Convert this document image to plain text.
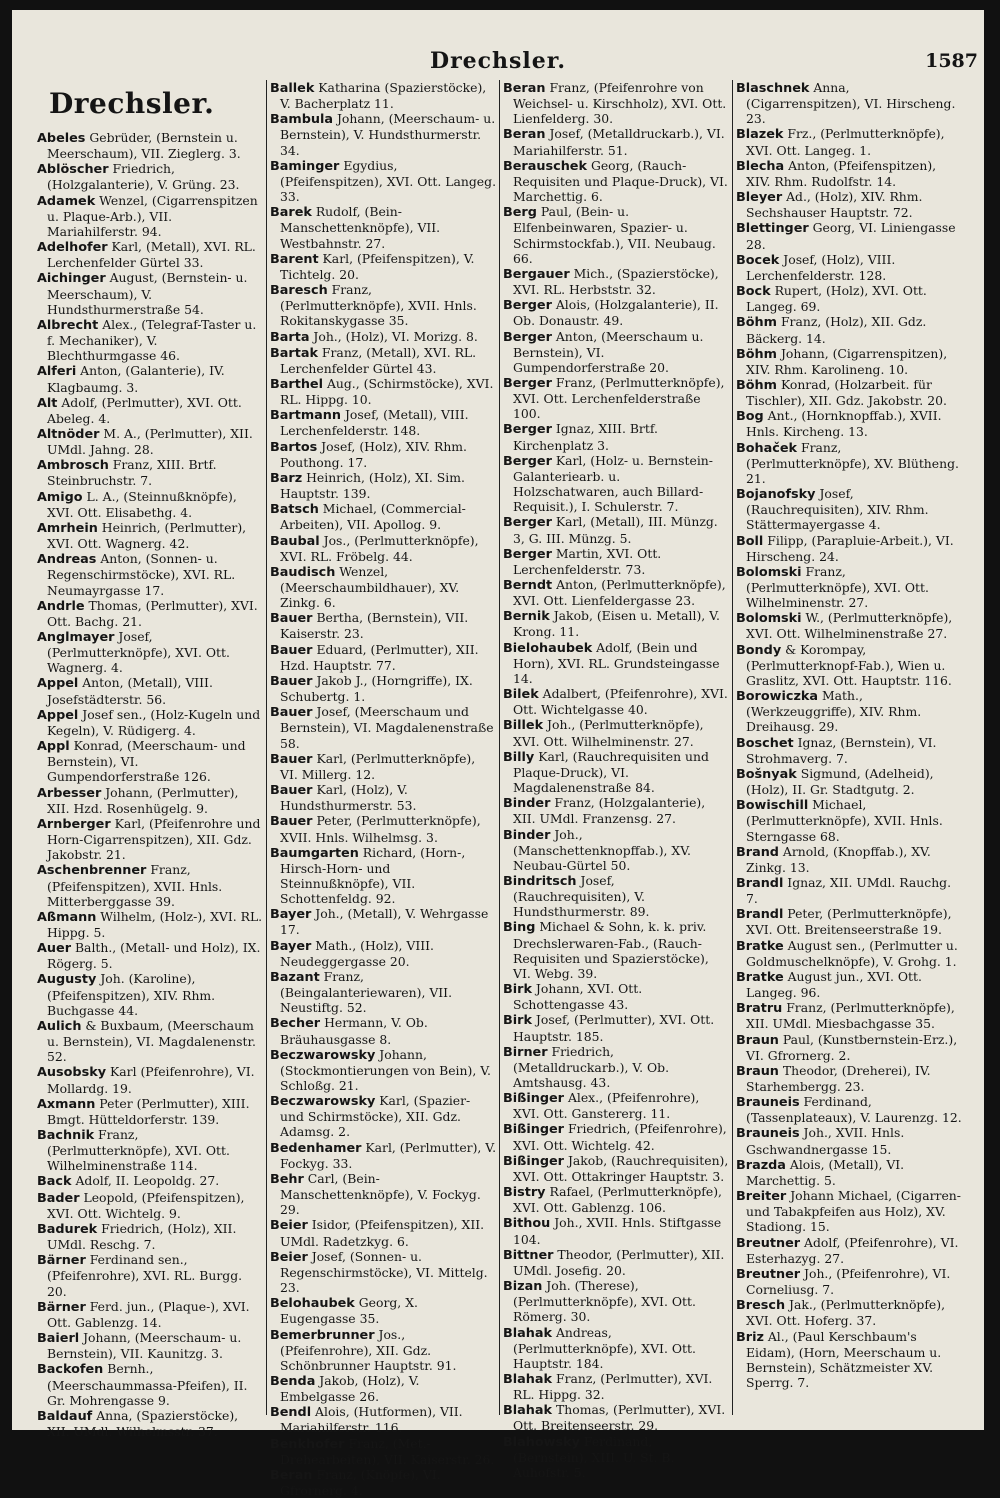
Drechsler.	1587
Drechsler.
Abeles Gebrüder, (Bernstein u. Meerschaum), VII. Zieglerg. 3.
Ablöscher Friedrich, (Holzgalanterie), V. Grüng. 23.
Adamek Wenzel, (Cigarrenspitzen u. Plaque-Arb.), VII. Mariahilferstr. 94.
Adelhofer Karl, (Metall), XVI. RL. Lerchenfelder Gürtel 33.
Aichinger August, (Bernstein- u. Meerschaum), V. Hundsthurmerstraße 54.
Albrecht Alex., (Telegraf-Taster u. f. Mechaniker), V. Blechthurmgasse 46.
Alferi Anton, (Galanterie), IV. Klagbaumg. 3.
Alt Adolf, (Perlmutter), XVI. Ott. Abeleg. 4.
Altnöder M. A., (Perlmutter), XII. UMdl. Jahng. 28.
Ambrosch Franz, XIII. Brtf. Steinbruchstr. 7.
Amigo L. A., (Steinnußknöpfe), XVI. Ott. Elisabethg. 4.
Amrhein Heinrich, (Perlmutter), XVI. Ott. Wagnerg. 42.
Andreas Anton, (Sonnen- u. Regenschirmstöcke), XVI. RL. Neumayrgasse 17.
Andrle Thomas, (Perlmutter), XVI. Ott. Bachg. 21.
Anglmayer Josef, (Perlmutterknöpfe), XVI. Ott. Wagnerg. 4.
Appel Anton, (Metall), VIII. Josefstädterstr. 56.
Appel Josef sen., (Holz-Kugeln und Kegeln), V. Rüdigerg. 4.
Appl Konrad, (Meerschaum- und Bernstein), VI. Gumpendorferstraße 126.
Arbesser Johann, (Perlmutter), XII. Hzd. Rosenhügelg. 9.
Arnberger Karl, (Pfeifenrohre und Horn-Cigarrenspitzen), XII. Gdz. Jakobstr. 21.
Aschenbrenner Franz, (Pfeifenspitzen), XVII. Hnls. Mitterberggasse 39.
Aßmann Wilhelm, (Holz-), XVI. RL. Hippg. 5.
Auer Balth., (Metall- und Holz), IX. Rögerg. 5.
Augusty Joh. (Karoline), (Pfeifenspitzen), XIV. Rhm. Buchgasse 44.
Aulich & Buxbaum, (Meerschaum u. Bernstein), VI. Magdalenenstr. 52.
Ausobsky Karl (Pfeifenrohre), VI. Mollardg. 19.
Axmann Peter (Perlmutter), XIII. Bmgt. Hütteldorferstr. 139.
Bachnik Franz, (Perlmutterknöpfe), XVI. Ott. Wilhelminenstraße 114.
Back Adolf, II. Leopoldg. 27.
Bader Leopold, (Pfeifenspitzen), XVI. Ott. Wichtelg. 9.
Badurek Friedrich, (Holz), XII. UMdl. Reschg. 7.
Bärner Ferdinand sen., (Pfeifenrohre), XVI. RL. Burgg. 20.
Bärner Ferd. jun., (Plaque-), XVI. Ott. Gablenzg. 14.
Baierl Johann, (Meerschaum- u. Bernstein), VII. Kaunitzg. 3.
Backofen Bernh., (Meerschaummassa-Pfeifen), II. Gr. Mohrengasse 9.
Baldauf Anna, (Spazierstöcke), XII. UMdl. Wilhelmsstr. 37.
Ballek Katharina (Spazierstöcke), V. Bacherplatz 11.
Bambula Johann, (Meerschaum- u. Bernstein), V. Hundsthurmerstr. 34.
Baminger Egydius, (Pfeifenspitzen), XVI. Ott. Langeg. 33.
Barek Rudolf, (Bein-Manschettenknöpfe), VII. Westbahnstr. 27.
Barent Karl, (Pfeifenspitzen), V. Tichtelg. 20.
Baresch Franz, (Perlmutterknöpfe), XVII. Hnls. Rokitanskygasse 35.
Barta Joh., (Holz), VI. Morizg. 8.
Bartak Franz, (Metall), XVI. RL. Lerchenfelder Gürtel 43.
Barthel Aug., (Schirmstöcke), XVI. RL. Hippg. 10.
Bartmann Josef, (Metall), VIII. Lerchenfelderstr. 148.
Bartos Josef, (Holz), XIV. Rhm. Pouthong. 17.
Barz Heinrich, (Holz), XI. Sim. Hauptstr. 139.
Batsch Michael, (Commercial-Arbeiten), VII. Apollog. 9.
Baubal Jos., (Perlmutterknöpfe), XVI. RL. Fröbelg. 44.
Baudisch Wenzel, (Meerschaumbildhauer), XV. Zinkg. 6.
Bauer Bertha, (Bernstein), VII. Kaiserstr. 23.
Bauer Eduard, (Perlmutter), XII. Hzd. Hauptstr. 77.
Bauer Jakob J., (Horngriffe), IX. Schubertg. 1.
Bauer Josef, (Meerschaum und Bernstein), VI. Magdalenenstraße 58.
Bauer Karl, (Perlmutterknöpfe), VI. Millerg. 12.
Bauer Karl, (Holz), V. Hundsthurmerstr. 53.
Bauer Peter, (Perlmutterknöpfe), XVII. Hnls. Wilhelmsg. 3.
Baumgarten Richard, (Horn-, Hirsch-Horn- und Steinnußknöpfe), VII. Schottenfeldg. 92.
Bayer Joh., (Metall), V. Wehrgasse 17.
Bayer Math., (Holz), VIII. Neudeggergasse 20.
Bazant Franz, (Beingalanteriewaren), VII. Neustiftg. 52.
Becher Hermann, V. Ob. Bräuhausgasse 8.
Beczwarowsky Johann, (Stockmontierungen von Bein), V. Schloßg. 21.
Beczwarowsky Karl, (Spazier- und Schirmstöcke), XII. Gdz. Adamsg. 2.
Bedenhamer Karl, (Perlmutter), V. Fockyg. 33.
Behr Carl, (Bein-Manschettenknöpfe), V. Fockyg. 29.
Beier Isidor, (Pfeifenspitzen), XII. UMdl. Radetzkyg. 6.
Beier Josef, (Sonnen- u. Regenschirmstöcke), VI. Mittelg. 23.
Belohaubek Georg, X. Eugengasse 35.
Bemerbrunner Jos., (Pfeifenrohre), XII. Gdz. Schönbrunner Hauptstr. 91.
Benda Jakob, (Holz), V. Embelgasse 26.
Bendl Alois, (Hutformen), VII. Mariahilferstr. 116.
Benkhofer Franz, (Met.-Drehearbeiten), VII. Kaiserstr. 26.
Beran Franz, (Knöpfe), VI. Gfrornerg. 4.
Beran Franz, (Pfeifenrohre von Weichsel- u. Kirschholz), XVI. Ott. Lienfelderg. 30.
Beran Josef, (Metalldruckarb.), VI. Mariahilferstr. 51.
Berauschek Georg, (Rauch-Requisiten und Plaque-Druck), VI. Marchettig. 6.
Berg Paul, (Bein- u. Elfenbeinwaren, Spazier- u. Schirmstockfab.), VII. Neubaug. 66.
Bergauer Mich., (Spazierstöcke), XVI. RL. Herbststr. 32.
Berger Alois, (Holzgalanterie), II. Ob. Donaustr. 49.
Berger Anton, (Meerschaum u. Bernstein), VI. Gumpendorferstraße 20.
Berger Franz, (Perlmutterknöpfe), XVI. Ott. Lerchenfelderstraße 100.
Berger Ignaz, XIII. Brtf. Kirchenplatz 3.
Berger Karl, (Holz- u. Bernstein-Galanteriearb. u. Holzschatwaren, auch Billard-Requisit.), I. Schulerstr. 7.
Berger Karl, (Metall), III. Münzg. 3, G. III. Münzg. 5.
Berger Martin, XVI. Ott. Lerchenfelderstr. 73.
Berndt Anton, (Perlmutterknöpfe), XVI. Ott. Lienfeldergasse 23.
Bernik Jakob, (Eisen u. Metall), V. Krong. 11.
Bielohaubek Adolf, (Bein und Horn), XVI. RL. Grundsteingasse 14.
Bilek Adalbert, (Pfeifenrohre), XVI. Ott. Wichtelgasse 40.
Billek Joh., (Perlmutterknöpfe), XVI. Ott. Wilhelminenstr. 27.
Billy Karl, (Rauchrequisiten und Plaque-Druck), VI. Magdalenenstraße 84.
Binder Franz, (Holzgalanterie), XII. UMdl. Franzensg. 27.
Binder Joh., (Manschettenknopffab.), XV. Neubau-Gürtel 50.
Bindritsch Josef, (Rauchrequisiten), V. Hundsthurmerstr. 89.
Bing Michael & Sohn, k. k. priv. Drechslerwaren-Fab., (Rauch-Requisiten und Spazierstöcke), VI. Webg. 39.
Birk Johann, XVI. Ott. Schottengasse 43.
Birk Josef, (Perlmutter), XVI. Ott. Hauptstr. 185.
Birner Friedrich, (Metalldruckarb.), V. Ob. Amtshausg. 43.
Bißinger Alex., (Pfeifenrohre), XVI. Ott. Ganstererg. 11.
Bißinger Friedrich, (Pfeifenrohre), XVI. Ott. Wichtelg. 42.
Bißinger Jakob, (Rauchrequisiten), XVI. Ott. Ottakringer Hauptstr. 3.
Bistry Rafael, (Perlmutterknöpfe), XVI. Ott. Gablenzg. 106.
Bithou Joh., XVII. Hnls. Stiftgasse 104.
Bittner Theodor, (Perlmutter), XII. UMdl. Josefig. 20.
Bizan Joh. (Therese), (Perlmutterknöpfe), XVI. Ott. Römerg. 30.
Blahak Andreas, (Perlmutterknöpfe), XVI. Ott. Hauptstr. 184.
Blahak Franz, (Perlmutter), XVI. RL. Hippg. 32.
Blahak Thomas, (Perlmutter), XVI. Ott. Breitenseerstr. 29.
Blahowsky Ferdinand, (Bernstein), XIII. U. St. B. Auhofstr. 5.
Blaschnek Anna, (Cigarrenspitzen), VI. Hirscheng. 23.
Blazek Frz., (Perlmutterknöpfe), XVI. Ott. Langeg. 1.
Blecha Anton, (Pfeifenspitzen), XIV. Rhm. Rudolfstr. 14.
Bleyer Ad., (Holz), XIV. Rhm. Sechshauser Hauptstr. 72.
Blettinger Georg, VI. Liniengasse 28.
Bocek Josef, (Holz), VIII. Lerchenfelderstr. 128.
Bock Rupert, (Holz), XVI. Ott. Langeg. 69.
Böhm Franz, (Holz), XII. Gdz. Bäckerg. 14.
Böhm Johann, (Cigarrenspitzen), XIV. Rhm. Karolineng. 10.
Böhm Konrad, (Holzarbeit. für Tischler), XII. Gdz. Jakobstr. 20.
Bog Ant., (Hornknopffab.), XVII. Hnls. Kircheng. 13.
Bohaček Franz, (Perlmutterknöpfe), XV. Blüthеng. 21.
Bojanofsky Josef, (Rauchrequisiten), XIV. Rhm. Stättermayergasse 4.
Boll Filipp, (Parapluie-Arbeit.), VI. Hirscheng. 24.
Bolomski Franz, (Perlmutterknöpfe), XVI. Ott. Wilhelminenstr. 27.
Bolomski W., (Perlmutterknöpfe), XVI. Ott. Wilhelminenstraße 27.
Bondy & Korompay, (Perlmutterknopf-Fab.), Wien u. Graslitz, XVI. Ott. Hauptstr. 116.
Borowiczka Math., (Werkzeuggriffe), XIV. Rhm. Dreihausg. 29.
Boschet Ignaz, (Bernstein), VI. Strohmaverg. 7.
Bošnyak Sigmund, (Adelheid), (Holz), II. Gr. Stadtgutg. 2.
Bowischill Michael, (Perlmutterknöpfe), XVII. Hnls. Sterngasse 68.
Brand Arnold, (Knopffab.), XV. Zinkg. 13.
Brandl Ignaz, XII. UMdl. Rauchg. 7.
Brandl Peter, (Perlmutterknöpfe), XVI. Ott. Breitenseerstraße 19.
Bratke August sen., (Perlmutter u. Goldmuschelknöpfe), V. Grohg. 1.
Bratke August jun., XVI. Ott. Langeg. 96.
Bratru Franz, (Perlmutterknöpfe), XII. UMdl. Miesbachgasse 35.
Braun Paul, (Kunstbernstein-Erz.), VI. Gfrornerg. 2.
Braun Theodor, (Dreherei), IV. Starhembergg. 23.
Brauneis Ferdinand, (Tassenplateaux), V. Laurenzg. 12.
Brauneis Joh., XVII. Hnls. Gschwandnergasse 15.
Brazda Alois, (Metall), VI. Marchettig. 5.
Breiter Johann Michael, (Cigarren- und Tabakpfeifen aus Holz), XV. Stadiong. 15.
Breutner Adolf, (Pfeifenrohre), VI. Esterhazyg. 27.
Breutner Joh., (Pfeifenrohre), VI. Corneliusg. 7.
Bresch Jak., (Perlmutterknöpfe), XVI. Ott. Hoferg. 37.
Briz Al., (Paul Kerschbaum's Eidam), (Horn, Meerschaum u. Bernstein), Schätzmeister XV. Sperrg. 7.
